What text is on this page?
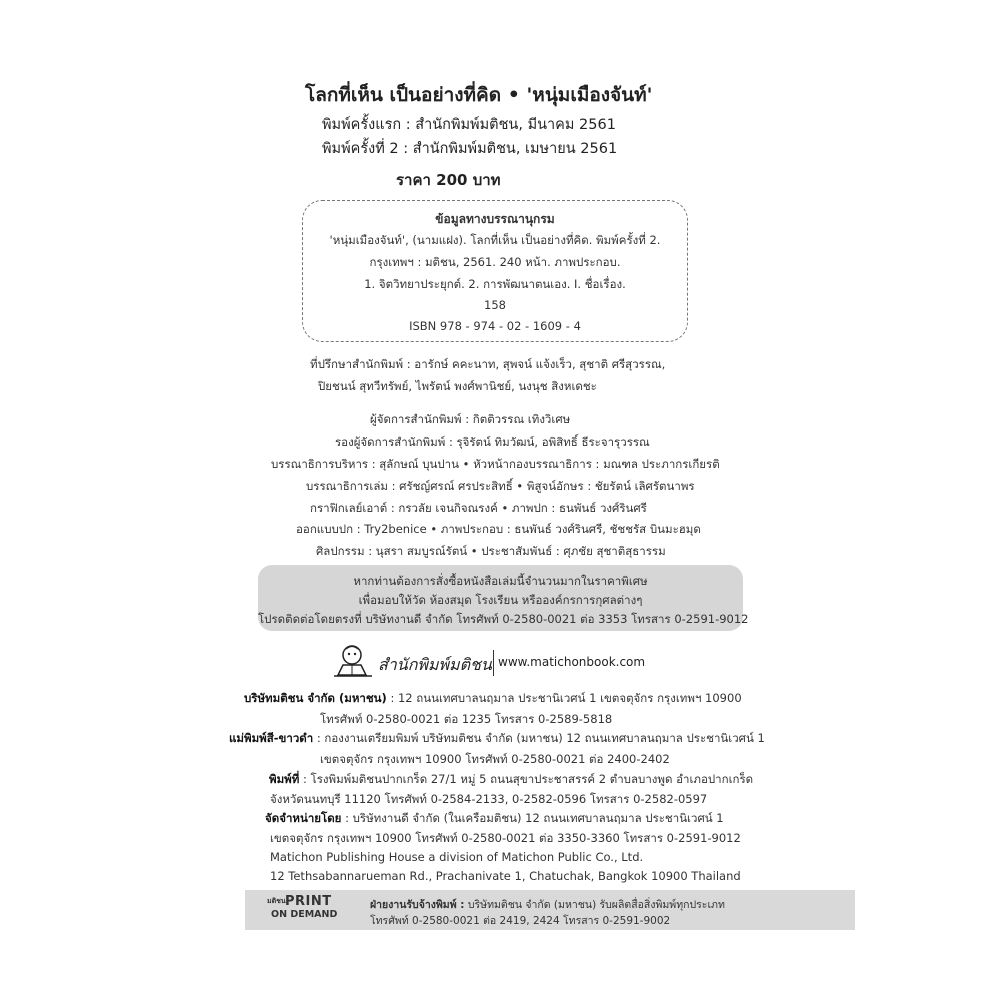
โลกที่เห็น เป็นอย่างที่คิด • 'หนุ่มเมืองจันท์'
พิมพ์ครั้งแรก : สำนักพิมพ์มติชน, มีนาคม 2561
พิมพ์ครั้งที่ 2 : สำนักพิมพ์มติชน, เมษายน 2561
ราคา 200 บาท
ข้อมูลทางบรรณานุกรม
'หนุ่มเมืองจันท์', (นามแฝง). โลกที่เห็น เป็นอย่างที่คิด. พิมพ์ครั้งที่ 2.
กรุงเทพฯ : มติชน, 2561. 240 หน้า. ภาพประกอบ.
1. จิตวิทยาประยุกต์. 2. การพัฒนาตนเอง. I. ชื่อเรื่อง.
158
ISBN 978 - 974 - 02 - 1609 - 4
ที่ปรึกษาสำนักพิมพ์ : อารักษ์ คคะนาท, สุพจน์ แจ้งเร็ว, สุชาติ ศรีสุวรรณ,
ปิยชนน์ สุทวีทรัพย์, ไพรัตน์ พงศ์พานิชย์, นงนุช สิงหเดชะ
ผู้จัดการสำนักพิมพ์ : กิตติวรรณ เทิงวิเศษ
รองผู้จัดการสำนักพิมพ์ : รุจิรัตน์ ทิมวัฒน์, อพิสิทธิ์ ธีระจารุวรรณ
บรรณาธิการบริหาร : สุลักษณ์ บุนปาน • หัวหน้ากองบรรณาธิการ : มณฑล ประภากรเกียรติ
บรรณาธิการเล่ม : ศรัชญ์ศรณ์ ศรประสิทธิ์ • พิสูจน์อักษร : ชัยรัตน์ เลิศรัตนาพร
กราฟิกเลย์เอาต์ : กรวลัย เจนกิจณรงค์ • ภาพปก : ธนพันธ์ วงศ์รินศรี
ออกแบบปก : Try2benice • ภาพประกอบ : ธนพันธ์ วงศ์รินศรี, ชัชชรัส บินมะฮมุด
ศิลปกรรม : นุสรา สมบูรณ์รัตน์ • ประชาสัมพันธ์ : ศุภชัย สุชาติสุธารรม
หากท่านต้องการสั่งซื้อหนังสือเล่มนี้จำนวนมากในราคาพิเศษ
เพื่อมอบให้วัด ห้องสมุด โรงเรียน หรือองค์กรการกุศลต่างๆ
โปรดติดต่อโดยตรงที่ บริษัทงานดี จำกัด โทรศัพท์ 0-2580-0021 ต่อ 3353 โทรสาร 0-2591-9012
สำนักพิมพ์มติชน www.matichonbook.com
บริษัทมติชน จำกัด (มหาชน) : 12 ถนนเทศบาลนฤมาล ประชานิเวศน์ 1 เขตจตุจักร กรุงเทพฯ 10900
โทรศัพท์ 0-2580-0021 ต่อ 1235 โทรสาร 0-2589-5818
แม่พิมพ์สี-ขาวดำ : กองงานเตรียมพิมพ์ บริษัทมติชน จำกัด (มหาชน) 12 ถนนเทศบาลนฤมาล ประชานิเวศน์ 1
เขตจตุจักร กรุงเทพฯ 10900 โทรศัพท์ 0-2580-0021 ต่อ 2400-2402
พิมพ์ที่ : โรงพิมพ์มติชนปากเกร็ด 27/1 หมู่ 5 ถนนสุขาประชาสรรค์ 2 ตำบลบางพูด อำเภอปากเกร็ด
จังหวัดนนทบุรี 11120 โทรศัพท์ 0-2584-2133, 0-2582-0596 โทรสาร 0-2582-0597
จัดจำหน่ายโดย : บริษัทงานดี จำกัด (ในเครือมติชน) 12 ถนนเทศบาลนฤมาล ประชานิเวศน์ 1
เขตจตุจักร กรุงเทพฯ 10900 โทรศัพท์ 0-2580-0021 ต่อ 3350-3360 โทรสาร 0-2591-9012
Matichon Publishing House a division of Matichon Public Co., Ltd.
มติชน PRINT
ON DEMAND
ฝ่ายงานรับจ้างพิมพ์ : บริษัทมติชน จำกัด (มหาชน) รับผลิตสื่อสิ่งพิมพ์ทุกประเภท
โทรศัพท์ 0-2580-0021 ต่อ 2419, 2424 โทรสาร 0-2591-9002
12 Tethsabannarueman Rd., Prachanivate 1, Chatuchak, Bangkok 10900 Thailand
